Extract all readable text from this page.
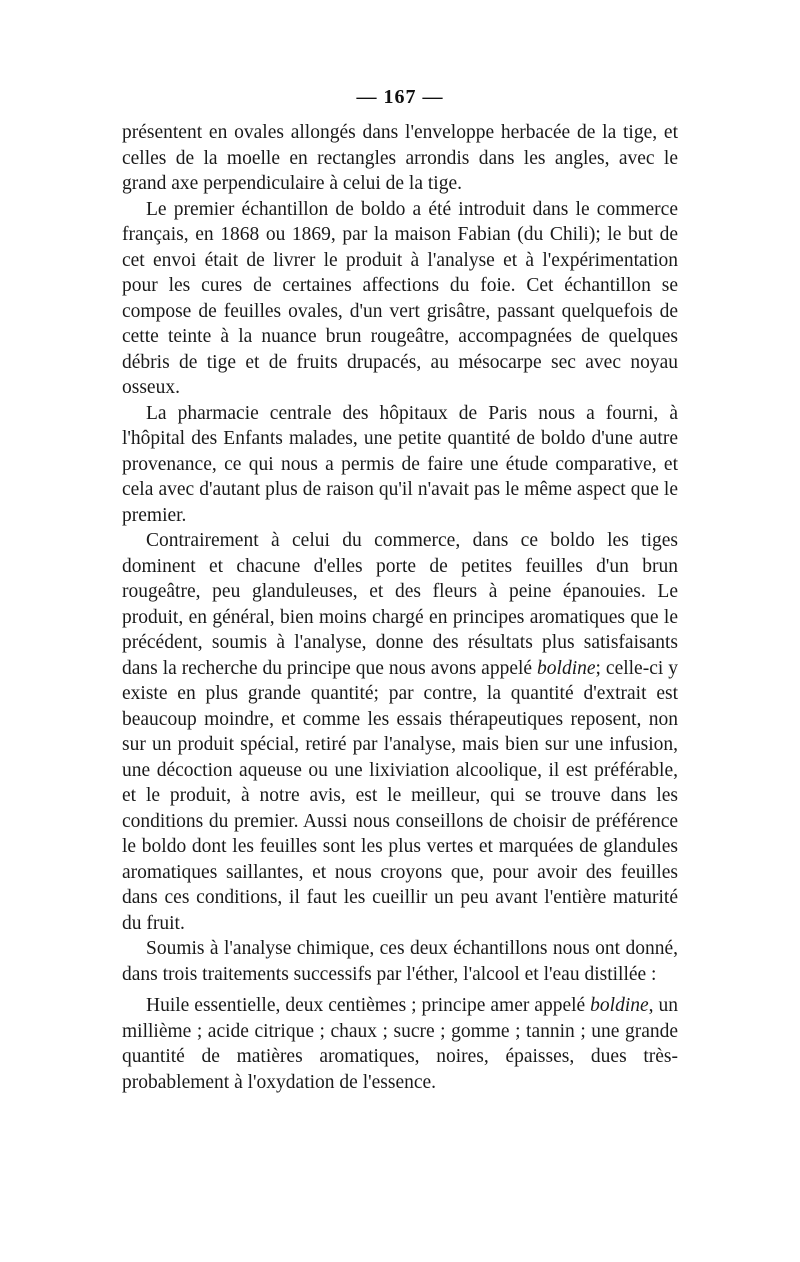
— 167 —

présentent en ovales allongés dans l'enveloppe herbacée de la tige, et celles de la moelle en rectangles arrondis dans les angles, avec le grand axe perpendiculaire à celui de la tige.

Le premier échantillon de boldo a été introduit dans le commerce français, en 1868 ou 1869, par la maison Fabian (du Chili); le but de cet envoi était de livrer le produit à l'analyse et à l'expérimentation pour les cures de certaines affections du foie. Cet échantillon se compose de feuilles ovales, d'un vert grisâtre, passant quelquefois de cette teinte à la nuance brun rougeâtre, accompagnées de quelques débris de tige et de fruits drupacés, au mésocarpe sec avec noyau osseux.

La pharmacie centrale des hôpitaux de Paris nous a fourni, à l'hôpital des Enfants malades, une petite quantité de boldo d'une autre provenance, ce qui nous a permis de faire une étude comparative, et cela avec d'autant plus de raison qu'il n'avait pas le même aspect que le premier.

Contrairement à celui du commerce, dans ce boldo les tiges dominent et chacune d'elles porte de petites feuilles d'un brun rougeâtre, peu glanduleuses, et des fleurs à peine épanouies. Le produit, en général, bien moins chargé en principes aromatiques que le précédent, soumis à l'analyse, donne des résultats plus satisfaisants dans la recherche du principe que nous avons appelé boldine; celle-ci y existe en plus grande quantité; par contre, la quantité d'extrait est beaucoup moindre, et comme les essais thérapeutiques reposent, non sur un produit spécial, retiré par l'analyse, mais bien sur une infusion, une décoction aqueuse ou une lixiviation alcoolique, il est préférable, et le produit, à notre avis, est le meilleur, qui se trouve dans les conditions du premier. Aussi nous conseillons de choisir de préférence le boldo dont les feuilles sont les plus vertes et marquées de glandules aromatiques saillantes, et nous croyons que, pour avoir des feuilles dans ces conditions, il faut les cueillir un peu avant l'entière maturité du fruit.

Soumis à l'analyse chimique, ces deux échantillons nous ont donné, dans trois traitements successifs par l'éther, l'alcool et l'eau distillée :

Huile essentielle, deux centièmes ; principe amer appelé boldine, un millième ; acide citrique ; chaux ; sucre ; gomme ; tannin ; une grande quantité de matières aromatiques, noires, épaisses, dues très-probablement à l'oxydation de l'essence.
